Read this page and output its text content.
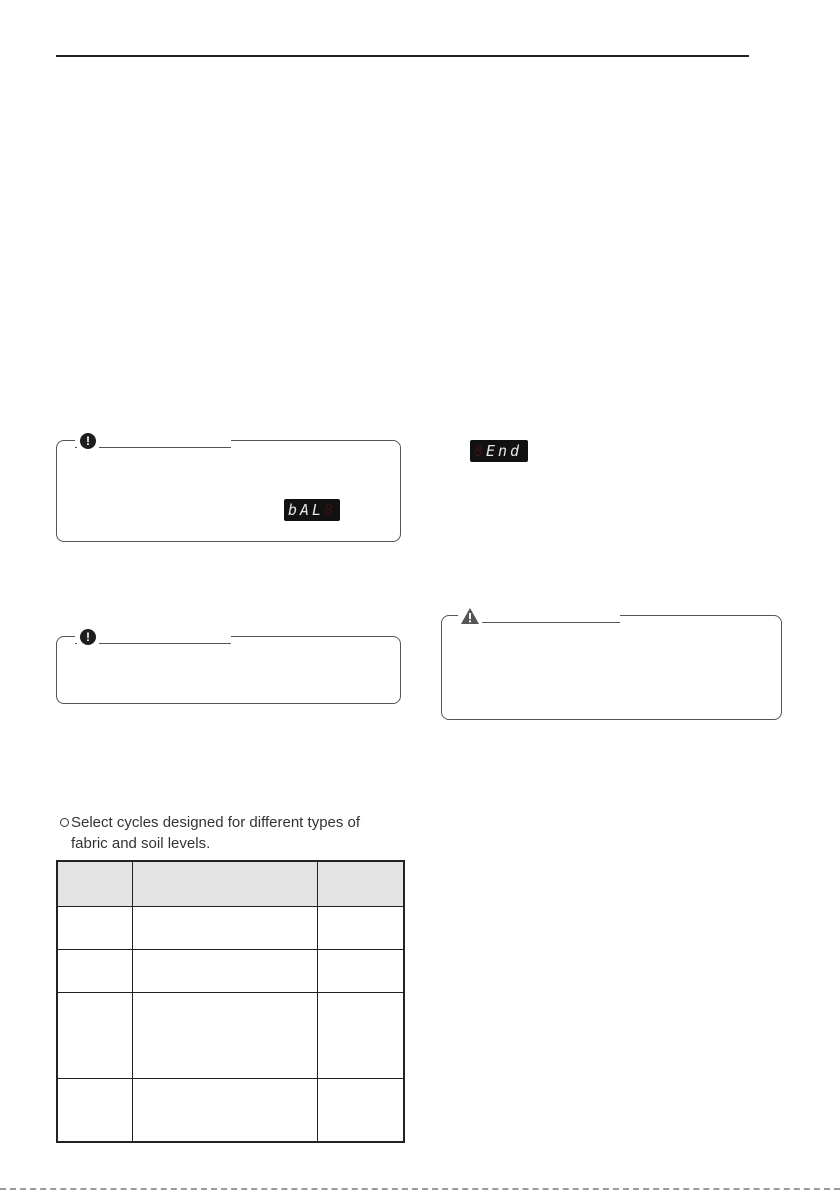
!
b A L 8
!
8 E n d
Select cycles designed for different types of
fabric and soil levels.
